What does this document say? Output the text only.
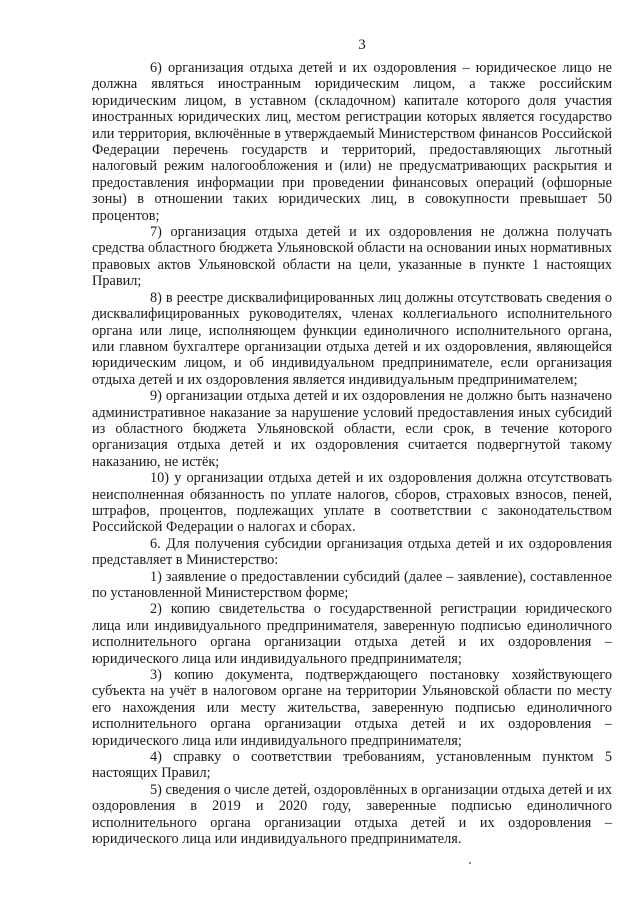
3

6) организация отдыха детей и их оздоровления – юридическое лицо не должна являться иностранным юридическим лицом, а также российским юридическим лицом, в уставном (складочном) капитале которого доля участия иностранных юридических лиц, местом регистрации которых является государство или территория, включённые в утверждаемый Министерством финансов Российской Федерации перечень государств и территорий, предоставляющих льготный налоговый режим налогообложения и (или) не предусматривающих раскрытия и предоставления информации при проведении финансовых операций (офшорные зоны) в отношении таких юридических лиц, в совокупности превышает 50 процентов;

7) организация отдыха детей и их оздоровления не должна получать средства областного бюджета Ульяновской области на основании иных нормативных правовых актов Ульяновской области на цели, указанные в пункте 1 настоящих Правил;

8) в реестре дисквалифицированных лиц должны отсутствовать сведения о дисквалифицированных руководителях, членах коллегиального исполнительного органа или лице, исполняющем функции единоличного исполнительного органа, или главном бухгалтере организации отдыха детей и их оздоровления, являющейся юридическим лицом, и об индивидуальном предпринимателе, если организация отдыха детей и их оздоровления является индивидуальным предпринимателем;

9) организации отдыха детей и их оздоровления не должно быть назначено административное наказание за нарушение условий предоставления иных субсидий из областного бюджета Ульяновской области, если срок, в течение которого организация отдыха детей и их оздоровления считается подвергнутой такому наказанию, не истёк;

10) у организации отдыха детей и их оздоровления должна отсутствовать неисполненная обязанность по уплате налогов, сборов, страховых взносов, пеней, штрафов, процентов, подлежащих уплате в соответствии с законодательством Российской Федерации о налогах и сборах.

6. Для получения субсидии организация отдыха детей и их оздоровления представляет в Министерство:

1) заявление о предоставлении субсидий (далее – заявление), составленное по установленной Министерством форме;

2) копию свидетельства о государственной регистрации юридического лица или индивидуального предпринимателя, заверенную подписью единоличного исполнительного органа организации отдыха детей и их оздоровления – юридического лица или индивидуального предпринимателя;

3) копию документа, подтверждающего постановку хозяйствующего субъекта на учёт в налоговом органе на территории Ульяновской области по месту его нахождения или месту жительства, заверенную подписью единоличного исполнительного органа организации отдыха детей и их оздоровления – юридического лица или индивидуального предпринимателя;

4) справку о соответствии требованиям, установленным пунктом 5 настоящих Правил;

5) сведения о числе детей, оздоровлённых в организации отдыха детей и их оздоровления в 2019 и 2020 году, заверенные подписью единоличного исполнительного органа организации отдыха детей и их оздоровления – юридического лица или индивидуального предпринимателя.
